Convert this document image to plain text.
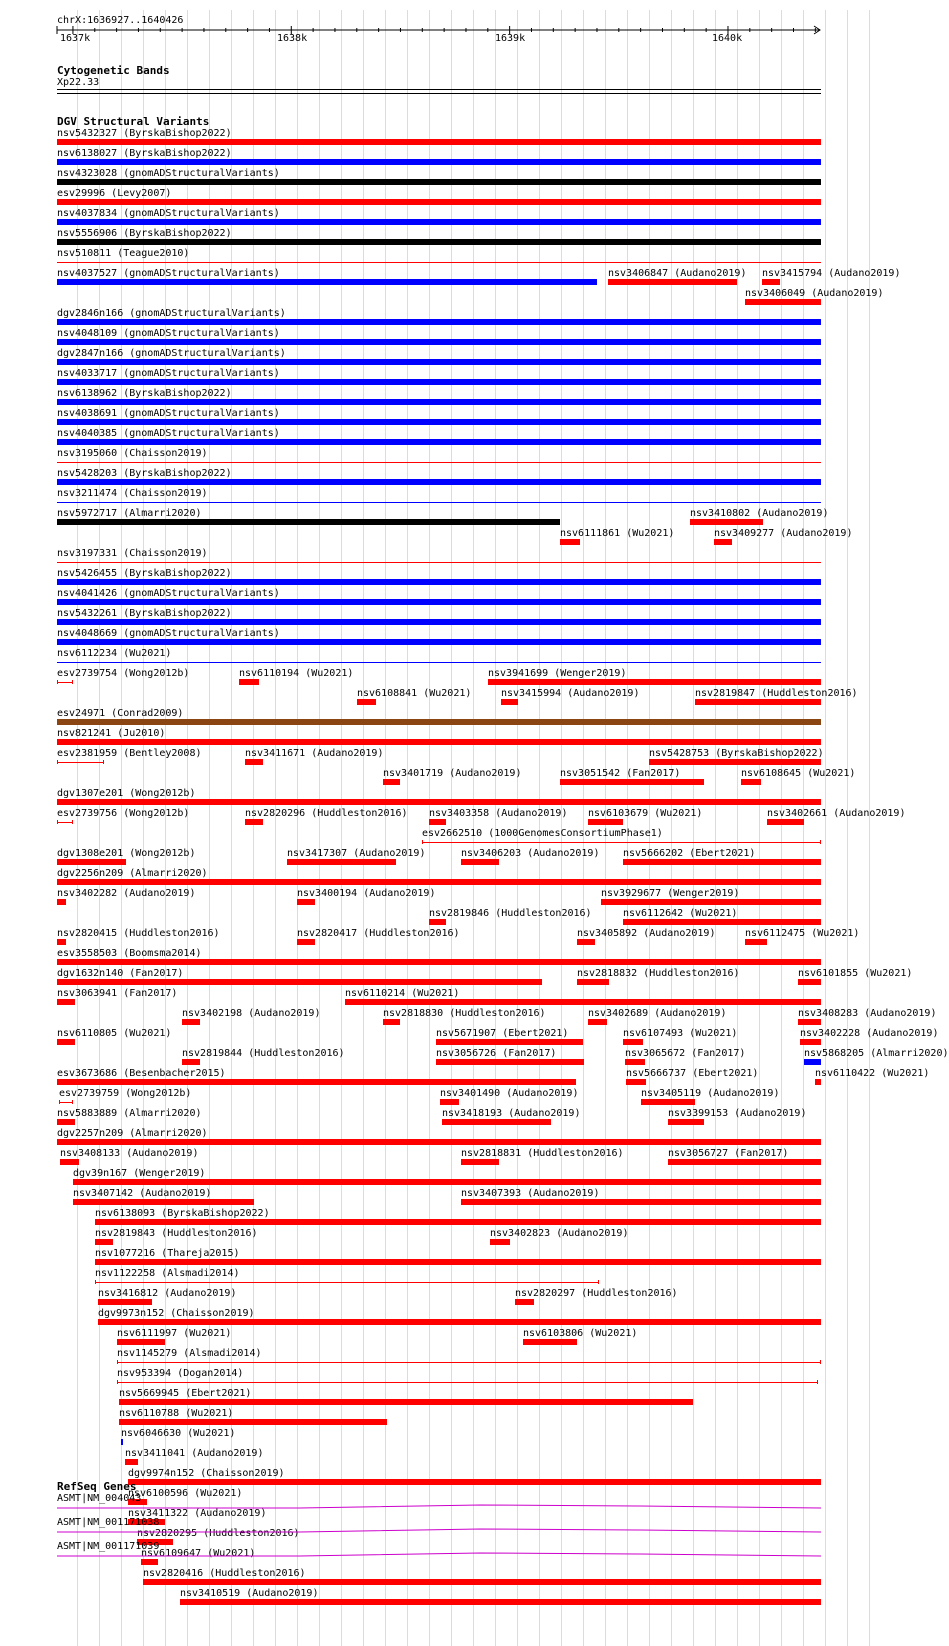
chrX:1636927..1640426
1637k	1638k	1639k	1640k
Cytogenetic Bands
Xp22.33
DGV Structural Variants
nsv5432327 (ByrskaBishop2022)
nsv6138027 (ByrskaBishop2022)
nsv4323028 (gnomADStructuralVariants)
esv29996 (Levy2007)
nsv4037834 (gnomADStructuralVariants)
nsv5556906 (ByrskaBishop2022)
nsv510811 (Teague2010)
nsv4037527 (gnomADStructuralVariants)	nsv3406847 (Audano2019)
nsv3406049 (Audano2019)
dgv2846n166 (gnomADStructuralVariants)
nsv4048109 (gnomADStructuralVariants)
dgv2847n166 (gnomADStructuralVariants)
nsv4033717 (gnomADStructuralVariants)
nsv6138962 (ByrskaBishop2022)
nsv4038691 (gnomADStructuralVariants)
nsv4040385 (gnomADStructuralVariants)
nsv3195060 (Chaisson2019)
nsv5428203 (ByrskaBishop2022)
nsv3211474 (Chaisson2019)
nsv5972717 (Almarri2020)
nsv6111861 (Wu2021)
nsv3410802 (Audano2019)
nsv3197331 (Chaisson2019)
nsv5426455 (ByrskaBishop2022)
nsv4041426 (gnomADStructuralVariants)
nsv5432261 (ByrskaBishop2022)
nsv4048669 (gnomADStructuralVariants)
nsv6112234 (Wu2021)
esv2739754 (Wong2012b)	nsv6110194 (Wu2021)
nsv6108841 (Wu2021)
nsv3941699 (Wenger2019)
esv24971 (Conrad2009)
nsv821241 (Ju2010)
esv2381959 (Bentley2008)	nsv3411671 (Audano2019)
nsv3401719 (Audano2019)
nsv3415994 (Audano2019)
nsv5428753 (ByrskaBishop2022)
dgv1307e201 (Wong2012b)
esv2739756 (Wong2012b)	nsv2820296 (Huddleston2016)
esv2662510 (1000GenomesConsortiumPhase1)
dgv1308e201 (Wong2012b)	nsv3417307 (Audano2019)
nsv3403358 (Audano2019)
nsv3051542 (Fan2017)
nsv3409277 (Audano2019)
dgv2256n209 (Almarri2020)
nsv3402282 (Audano2019)	nsv3400194 (Audano2019)
nsv2819846 (Huddleston2016)
nsv6103679 (Wu2021)
nsv2819847 (Huddleston2016)
nsv2820415 (Huddleston2016)	nsv2820417 (Huddleston2016)
nsv3406203 (Audano2019)
nsv3929677 (Wenger2019)
esv3558503 (Boomsma2014)
dgv1632n140 (Fan2017)
nsv3405892 (Audano2019)
nsv6108645 (Wu2021)
nsv3063941 (Fan2017)
nsv3402198 (Audano2019)
nsv6110214 (Wu2021)
nsv6110805 (Wu2021)
nsv2819844 (Huddleston2016)
nsv2818830 (Huddleston2016)
nsv2818832 (Huddleston2016)
nsv3415794 (Audano2019)
esv3673686 (Besenbacher2015)
nsv3402689 (Audano2019)
nsv3402661 (Audano2019)
esv2739759 (Wong2012b)
nsv5671907 (Ebert2021)
nsv5666202 (Ebert2021)
nsv5883889 (Almarri2020)
nsv3056726 (Fan2017)
nsv6112642 (Wu2021)
dgv2257n209 (Almarri2020)
nsv3408133 (Audano2019)
nsv3401490 (Audano2019)
nsv6107493 (Wu2021)
nsv6112475 (Wu2021)
dgv39n167 (Wenger2019)
nsv3407142 (Audano2019)
nsv3418193 (Audano2019)
nsv3065672 (Fan2017)
nsv6101855 (Wu2021)
nsv6138093 (ByrskaBishop2022)
nsv2819843 (Huddleston2016)
nsv2818831 (Huddleston2016)
nsv5666737 (Ebert2021)
nsv3408283 (Audano2019)
nsv1077216 (Thareja2015)
nsv1122258 (Alsmadi2014)
nsv3405119 (Audano2019)
nsv3402228 (Audano2019)
nsv3416812 (Audano2019)
nsv3407393 (Audano2019)
dgv9973n152 (Chaisson2019)
nsv6111997 (Wu2021)
nsv3402823 (Audano2019)
nsv3399153 (Audano2019)
nsv5868205 (Almarri2020)
nsv1145279 (Alsmadi2014)
nsv953394 (Dogan2014)
nsv5669945 (Ebert2021)
nsv6110422 (Wu2021)
nsv6110788 (Wu2021)
nsv2820297 (Huddleston2016)
nsv6046630 (Wu2021)
nsv6103806 (Wu2021)
nsv3056727 (Fan2017)
nsv3411041 (Audano2019)
dgv9974n152 (Chaisson2019)
nsv6100596 (Wu2021)
nsv3411322 (Audano2019)
nsv2820295 (Huddleston2016)
nsv6109647 (Wu2021)
nsv2820416 (Huddleston2016)
nsv3410519 (Audano2019)
RefSeq Genes
ASMT|NM_004043
ASMT|NM_001171038
ASMT|NM_001171039
